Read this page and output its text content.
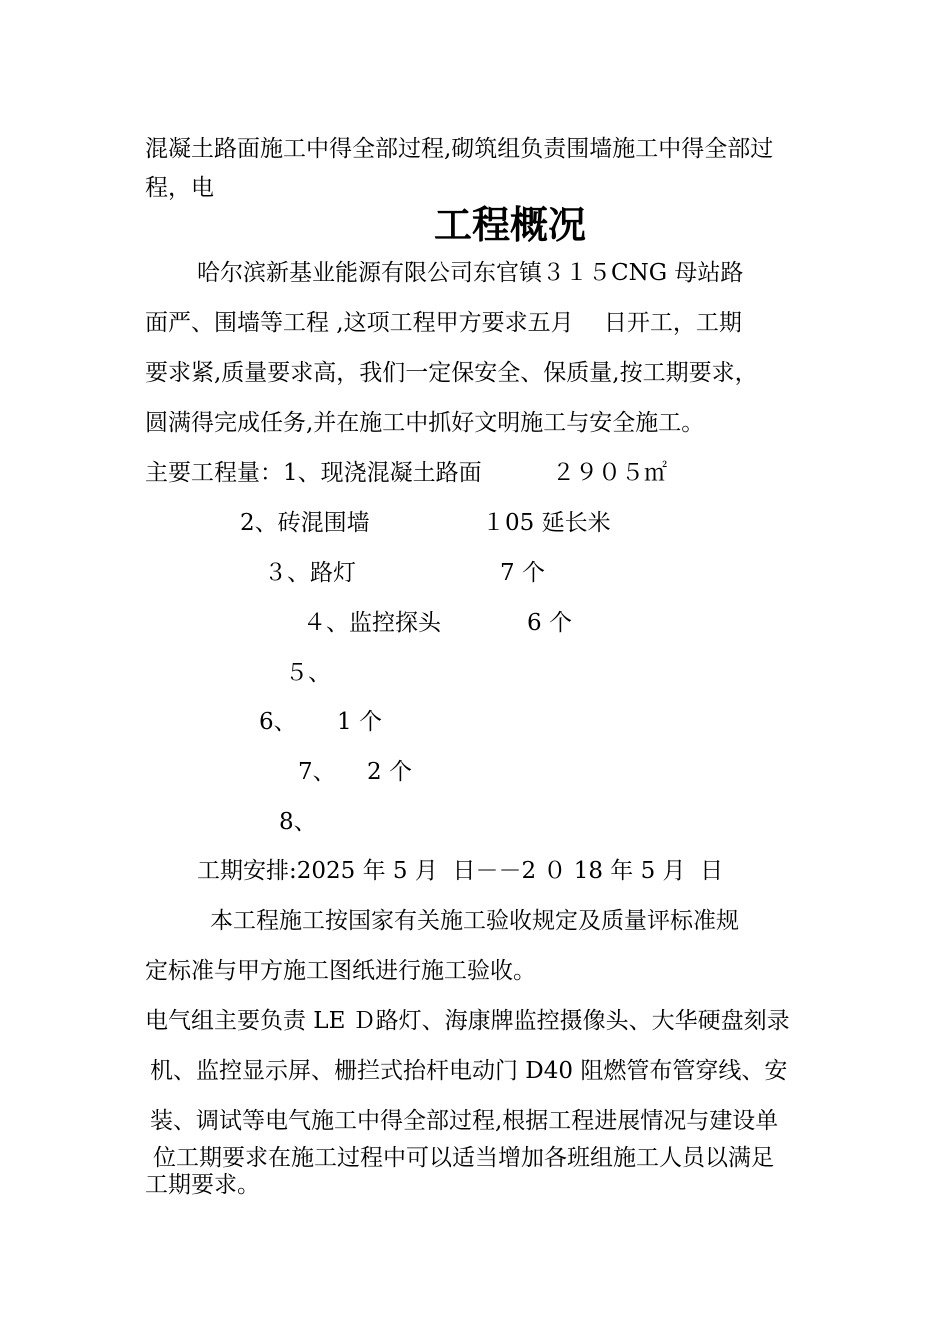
混凝土路面施工中得全部过程,砌筑组负责围墙施工中得全部过
程，电
工程概况
哈尔滨新基业能源有限公司东官镇３１５CNG 母站路
面严、围墙等工程 ,这项工程甲方要求五月　 日开工，工期
要求紧,质量要求高，我们一定保安全、保质量,按工期要求，
圆满得完成任务,并在施工中抓好文明施工与安全施工。
主要工程量：1、现浇混凝土路面	２９０５㎡
2、砖混围墙	１05 延长米
３、路灯	7 个
４、监控探头	6 个
５、
6、 1 个
7、 2 个
8、
工期安排:2025 年 5 月  日－－2 ０ 18 年 5 月  日
本工程施工按国家有关施工验收规定及质量评标准规
定标准与甲方施工图纸进行施工验收。
电气组主要负责 LE Ｄ路灯、海康牌监控摄像头、大华硬盘刻录
机、监控显示屏、栅拦式抬杆电动门 D40 阻燃管布管穿线、安
装、调试等电气施工中得全部过程,根据工程进展情况与建设单
位工期要求在施工过程中可以适当增加各班组施工人员以满足
工期要求。
